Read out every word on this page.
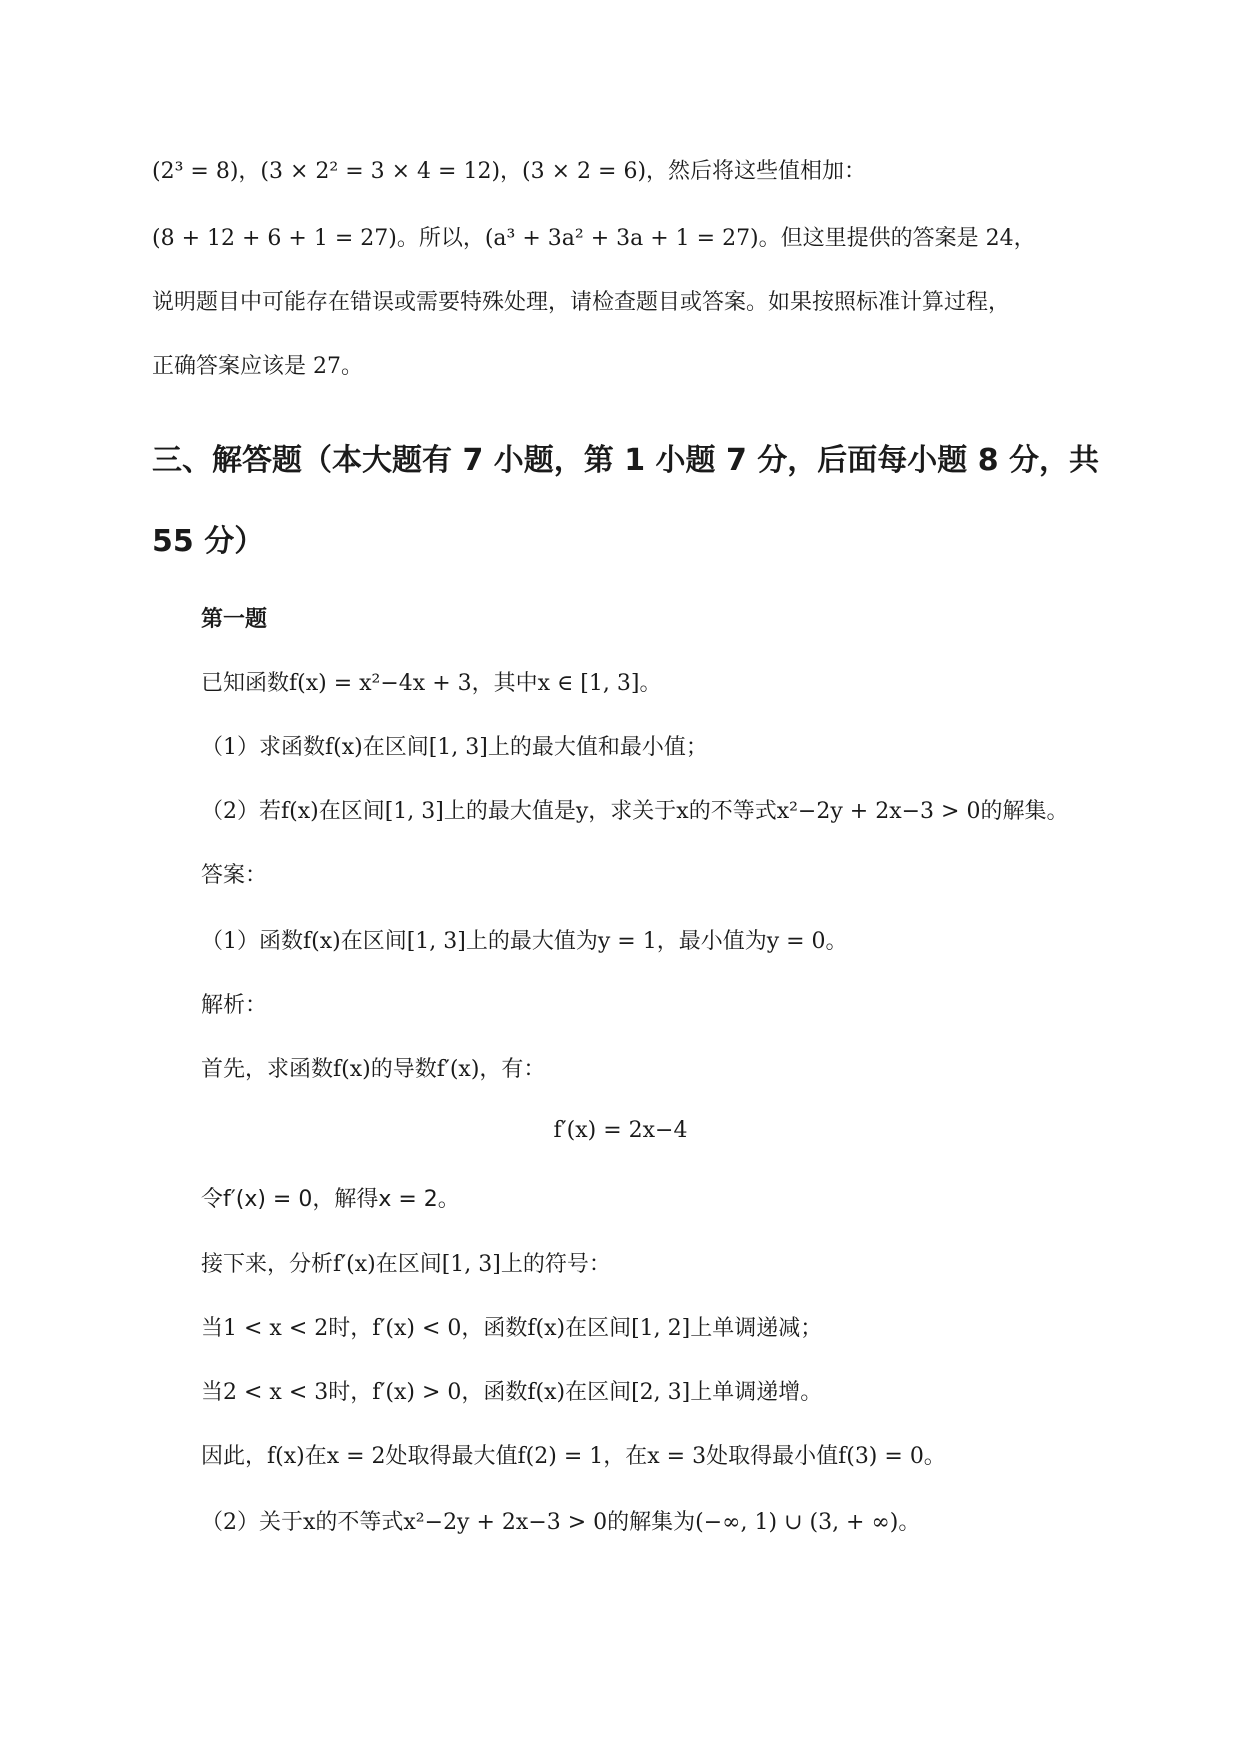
(2³ = 8)，(3 × 2² = 3 × 4 = 12)，(3 × 2 = 6)，然后将这些值相加：
(8 + 12 + 6 + 1 = 27)。所以，(a³ + 3a² + 3a + 1 = 27)。但这里提供的答案是 24，
说明题目中可能存在错误或需要特殊处理，请检查题目或答案。如果按照标准计算过程，
正确答案应该是 27。
三、解答题（本大题有 7 小题，第 1 小题 7 分，后面每小题 8 分，共
55 分）
第一题
已知函数f(x) = x²−4x + 3，其中x ∈ [1, 3]。
（1）求函数f(x)在区间[1, 3]上的最大值和最小值；
（2）若f(x)在区间[1, 3]上的最大值是y，求关于x的不等式x²−2y + 2x−3 > 0的解集。
答案：
（1）函数f(x)在区间[1, 3]上的最大值为y = 1，最小值为y = 0。
解析：
首先，求函数f(x)的导数f′(x)，有：
f′(x) = 2x−4
令f′(x) = 0，解得x = 2。
接下来，分析f′(x)在区间[1, 3]上的符号：
当1 < x < 2时，f′(x) < 0，函数f(x)在区间[1, 2]上单调递减；
当2 < x < 3时，f′(x) > 0，函数f(x)在区间[2, 3]上单调递增。
因此，f(x)在x = 2处取得最大值f(2) = 1，在x = 3处取得最小值f(3) = 0。
（2）关于x的不等式x²−2y + 2x−3 > 0的解集为(−∞, 1) ∪ (3, + ∞)。
